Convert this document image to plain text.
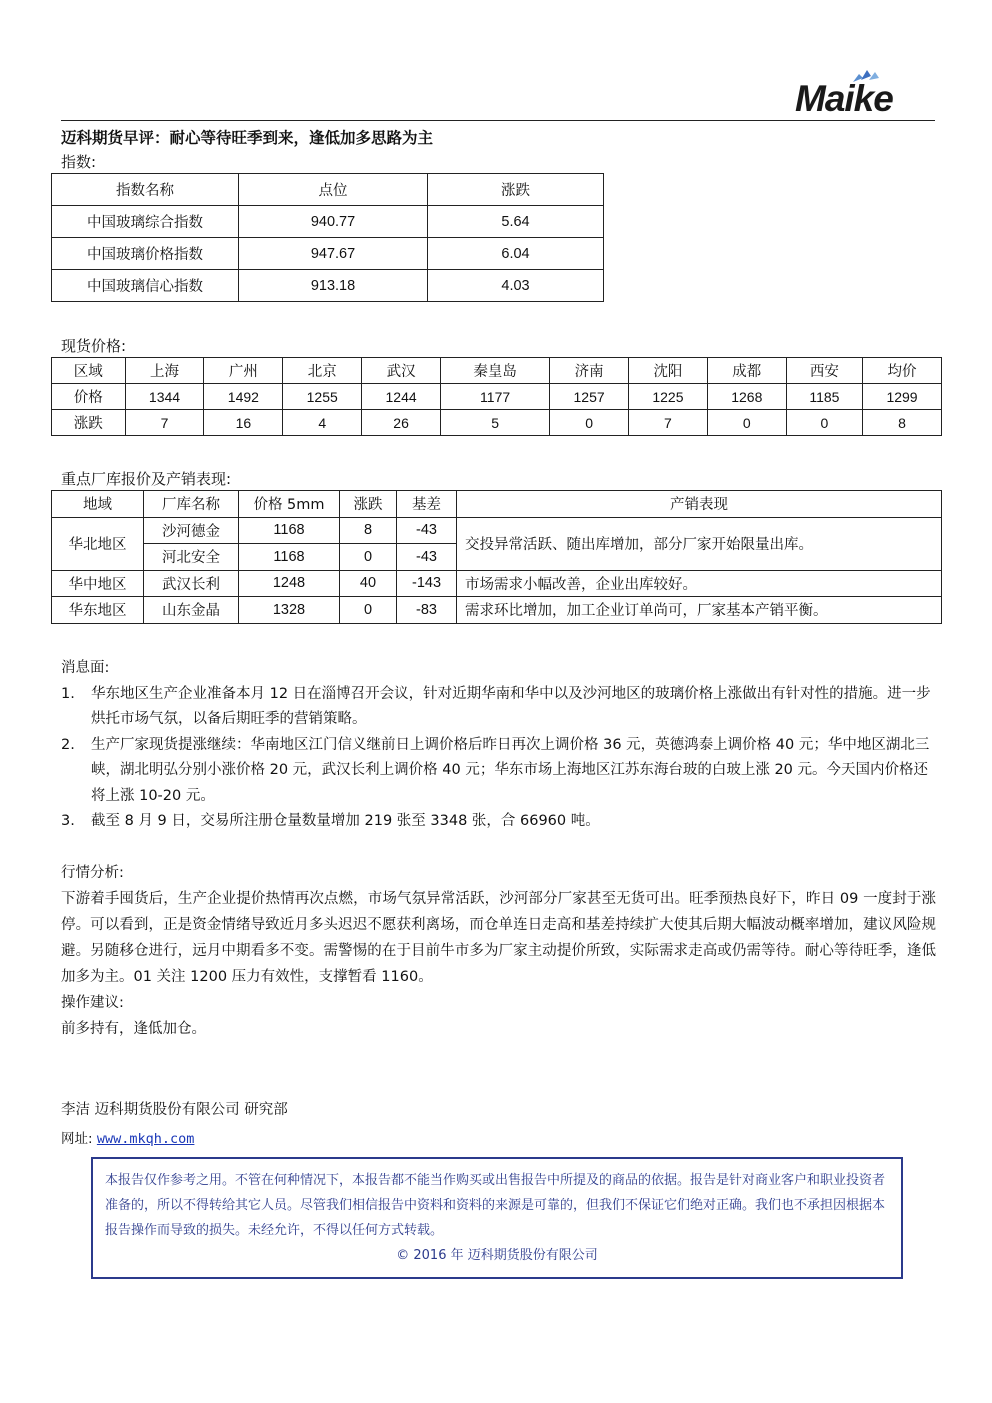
Maike
迈科期货早评：耐心等待旺季到来，逢低加多思路为主
指数:
指数名称	点位	涨跌
中国玻璃综合指数	940.77	5.64
中国玻璃价格指数	947.67	6.04
中国玻璃信心指数	913.18	4.03
现货价格:
区域	上海	广州	北京	武汉	秦皇岛	济南	沈阳	成都	西安	均价
价格	1344	1492	1255	1244	1177	1257	1225	1268	1185	1299
涨跌	7	16	4	26	5	0	7	0	0	8
重点厂库报价及产销表现:
地域	厂库名称	价格 5mm	涨跌	基差	产销表现
华北地区	沙河德金	1168	8	-43	交投异常活跃、随出库增加，部分厂家开始限量出库。
	河北安全	1168	0	-43	
华中地区	武汉长利	1248	40	-143	市场需求小幅改善，企业出库较好。
华东地区	山东金晶	1328	0	-83	需求环比增加，加工企业订单尚可，厂家基本产销平衡。
消息面:
1. 华东地区生产企业准备本月 12 日在淄博召开会议，针对近期华南和华中以及沙河地区的玻璃价格上涨做出有针对性的措施。进一步烘托市场气氛，以备后期旺季的营销策略。
2. 生产厂家现货提涨继续：华南地区江门信义继前日上调价格后昨日再次上调价格 36 元，英德鸿泰上调价格 40 元；华中地区湖北三峡，湖北明弘分别小涨价格 20 元，武汉长利上调价格 40 元；华东市场上海地区江苏东海台玻的白玻上涨 20 元。今天国内价格还将上涨 10-20 元。
3. 截至 8 月 9 日，交易所注册仓量数量增加 219 张至 3348 张，合 66960 吨。
行情分析:
下游着手囤货后，生产企业提价热情再次点燃，市场气氛异常活跃，沙河部分厂家甚至无货可出。旺季预热良好下，昨日 09 一度封于涨停。可以看到，正是资金情绪导致近月多头迟迟不愿获利离场，而仓单连日走高和基差持续扩大使其后期大幅波动概率增加，建议风险规避。另随移仓进行，远月中期看多不变。需警惕的在于目前牛市多为厂家主动提价所致，实际需求走高或仍需等待。耐心等待旺季，逢低加多为主。01 关注 1200 压力有效性，支撑暂看 1160。
操作建议:
前多持有，逢低加仓。
李洁 迈科期货股份有限公司 研究部
网址: www.mkqh.com
本报告仅作参考之用。不管在何种情况下，本报告都不能当作购买或出售报告中所提及的商品的依据。报告是针对商业客户和职业投资者准备的，所以不得转给其它人员。尽管我们相信报告中资料和资料的来源是可靠的，但我们不保证它们绝对正确。我们也不承担因根据本报告操作而导致的损失。未经允许，不得以任何方式转载。
© 2016 年 迈科期货股份有限公司
